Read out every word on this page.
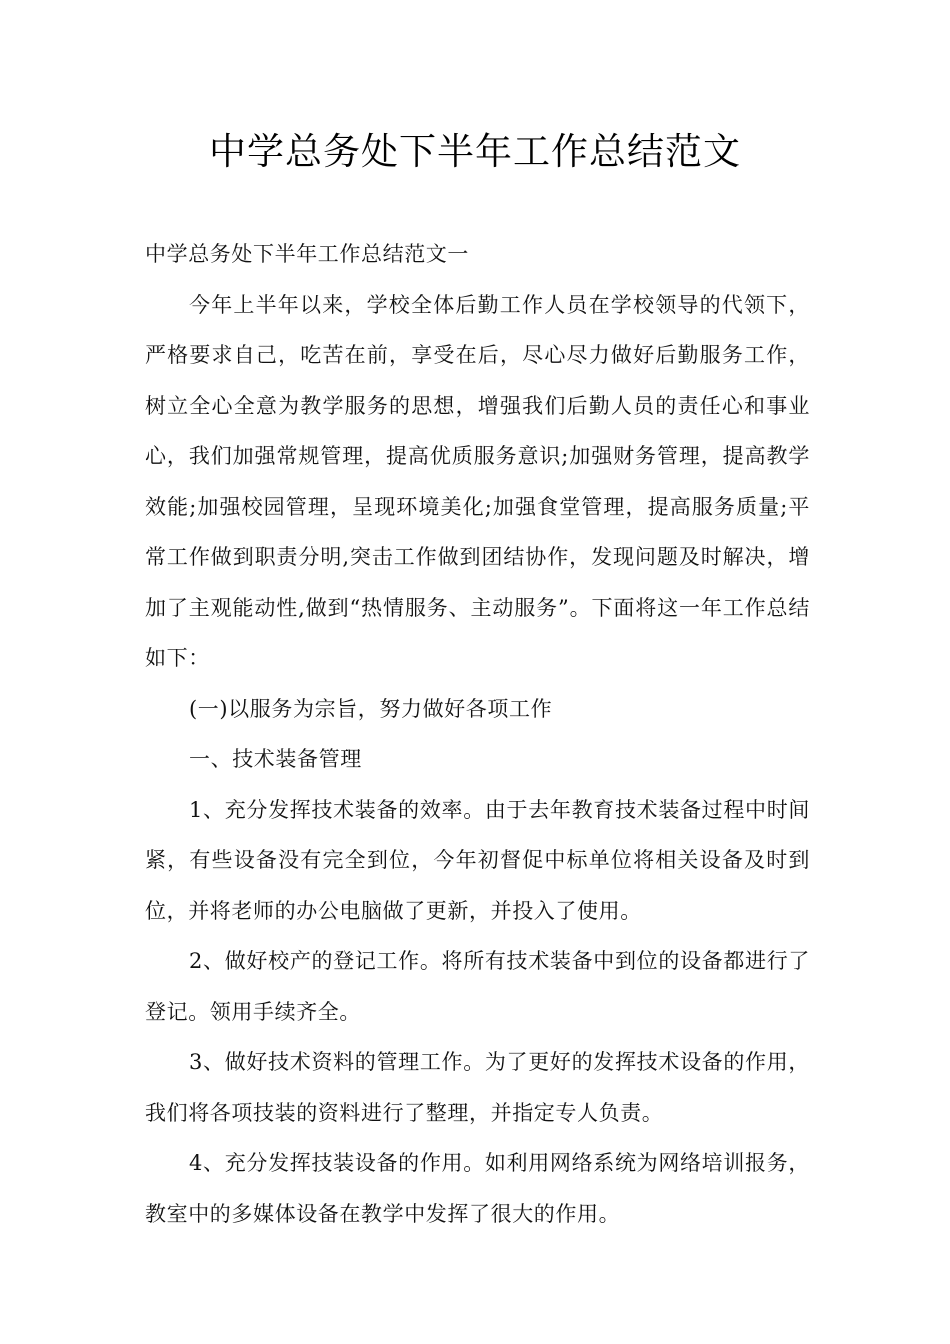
中学总务处下半年工作总结范文

中学总务处下半年工作总结范文一

今年上半年以来，学校全体后勤工作人员在学校领导的代领下，严格要求自己，吃苦在前，享受在后，尽心尽力做好后勤服务工作，树立全心全意为教学服务的思想，增强我们后勤人员的责任心和事业心，我们加强常规管理，提高优质服务意识;加强财务管理，提高教学效能;加强校园管理，呈现环境美化;加强食堂管理，提高服务质量;平常工作做到职责分明,突击工作做到团结协作，发现问题及时解决，增加了主观能动性,做到“热情服务、主动服务”。下面将这一年工作总结如下：

(一)以服务为宗旨，努力做好各项工作

一、技术装备管理

1、充分发挥技术装备的效率。由于去年教育技术装备过程中时间紧，有些设备没有完全到位，今年初督促中标单位将相关设备及时到位，并将老师的办公电脑做了更新，并投入了使用。

2、做好校产的登记工作。将所有技术装备中到位的设备都进行了登记。领用手续齐全。

3、做好技术资料的管理工作。为了更好的发挥技术设备的作用，我们将各项技装的资料进行了整理，并指定专人负责。

4、充分发挥技装设备的作用。如利用网络系统为网络培训报务，教室中的多媒体设备在教学中发挥了很大的作用。
